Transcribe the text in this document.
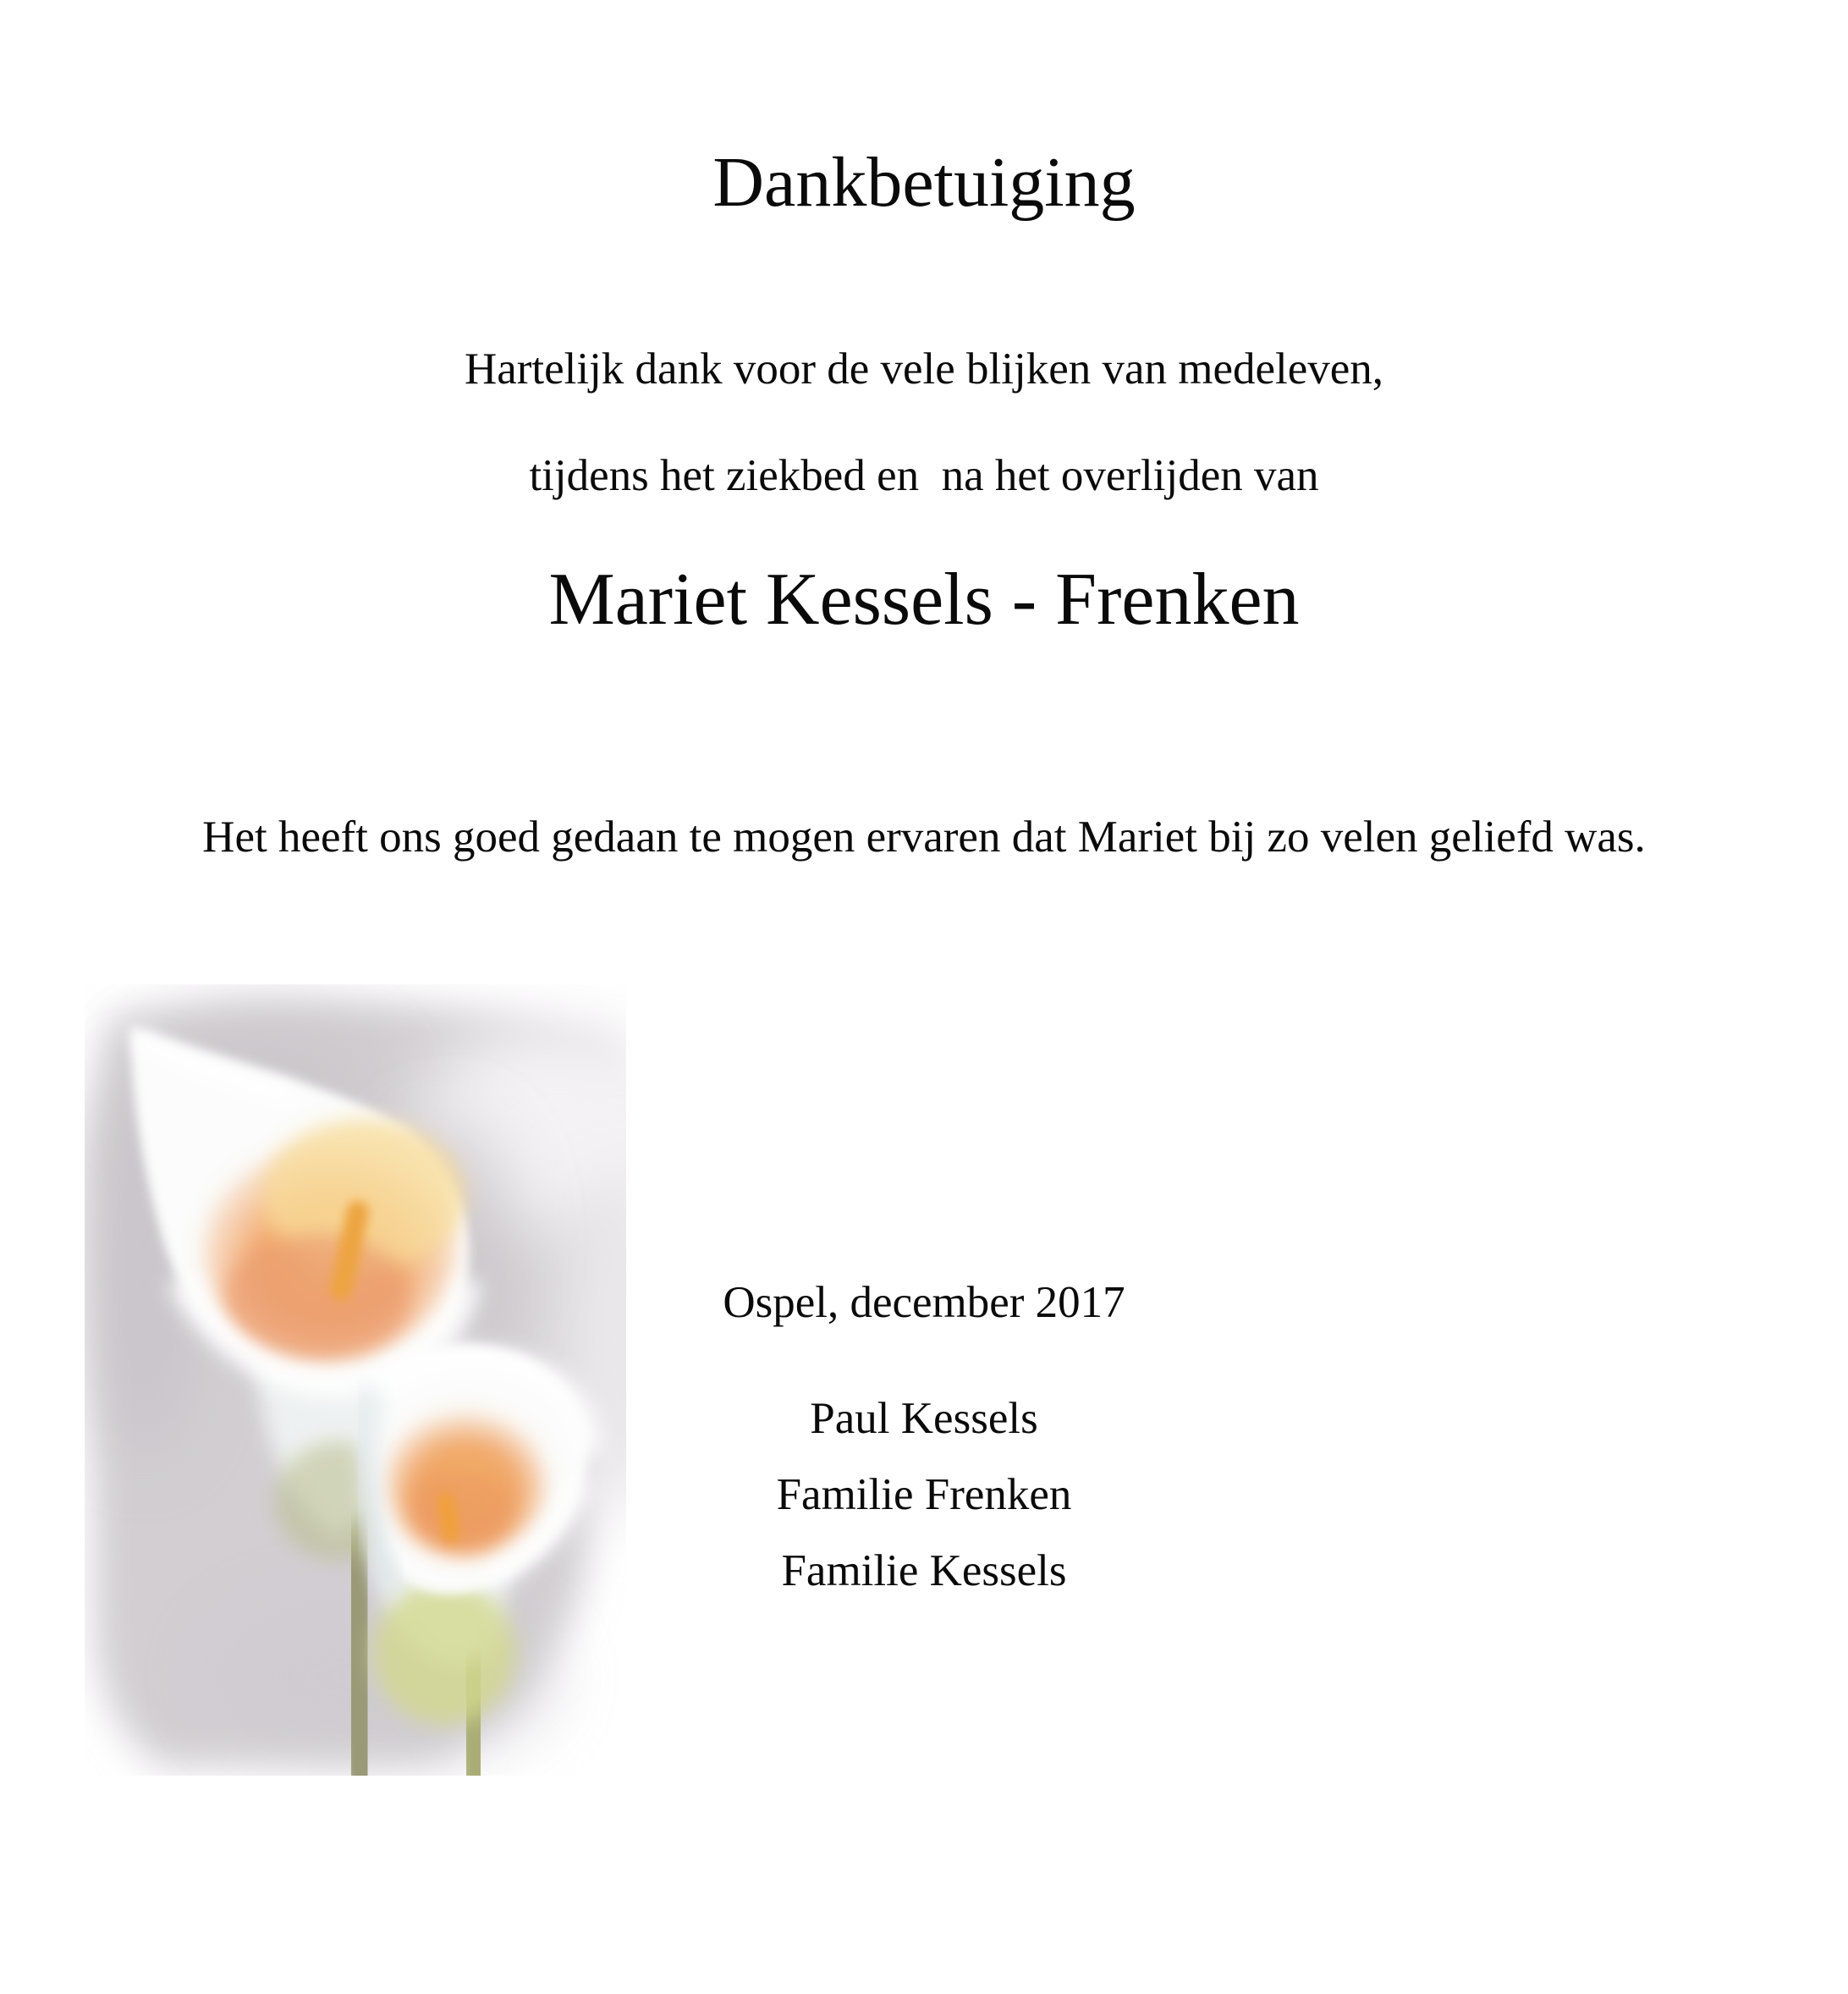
Dankbetuiging
Hartelijk dank voor de vele blijken van medeleven,
tijdens het ziekbed en  na het overlijden van
Mariet Kessels - Frenken
Het heeft ons goed gedaan te mogen ervaren dat Mariet bij zo velen geliefd was.
Ospel, december 2017
Paul Kessels
Familie Frenken
Familie Kessels
